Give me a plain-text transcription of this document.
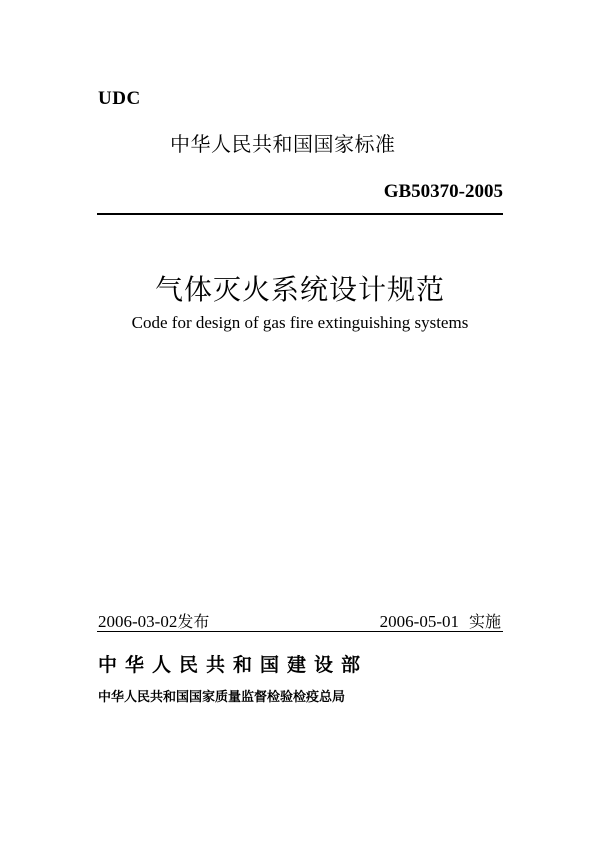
UDC
中华人民共和国国家标准
GB50370-2005
气体灭火系统设计规范
Code for design of gas fire extinguishing systems
2006-03-02发布	2006-05-01 实施
中华人民共和国建设部
中华人民共和国国家质量监督检验检疫总局
